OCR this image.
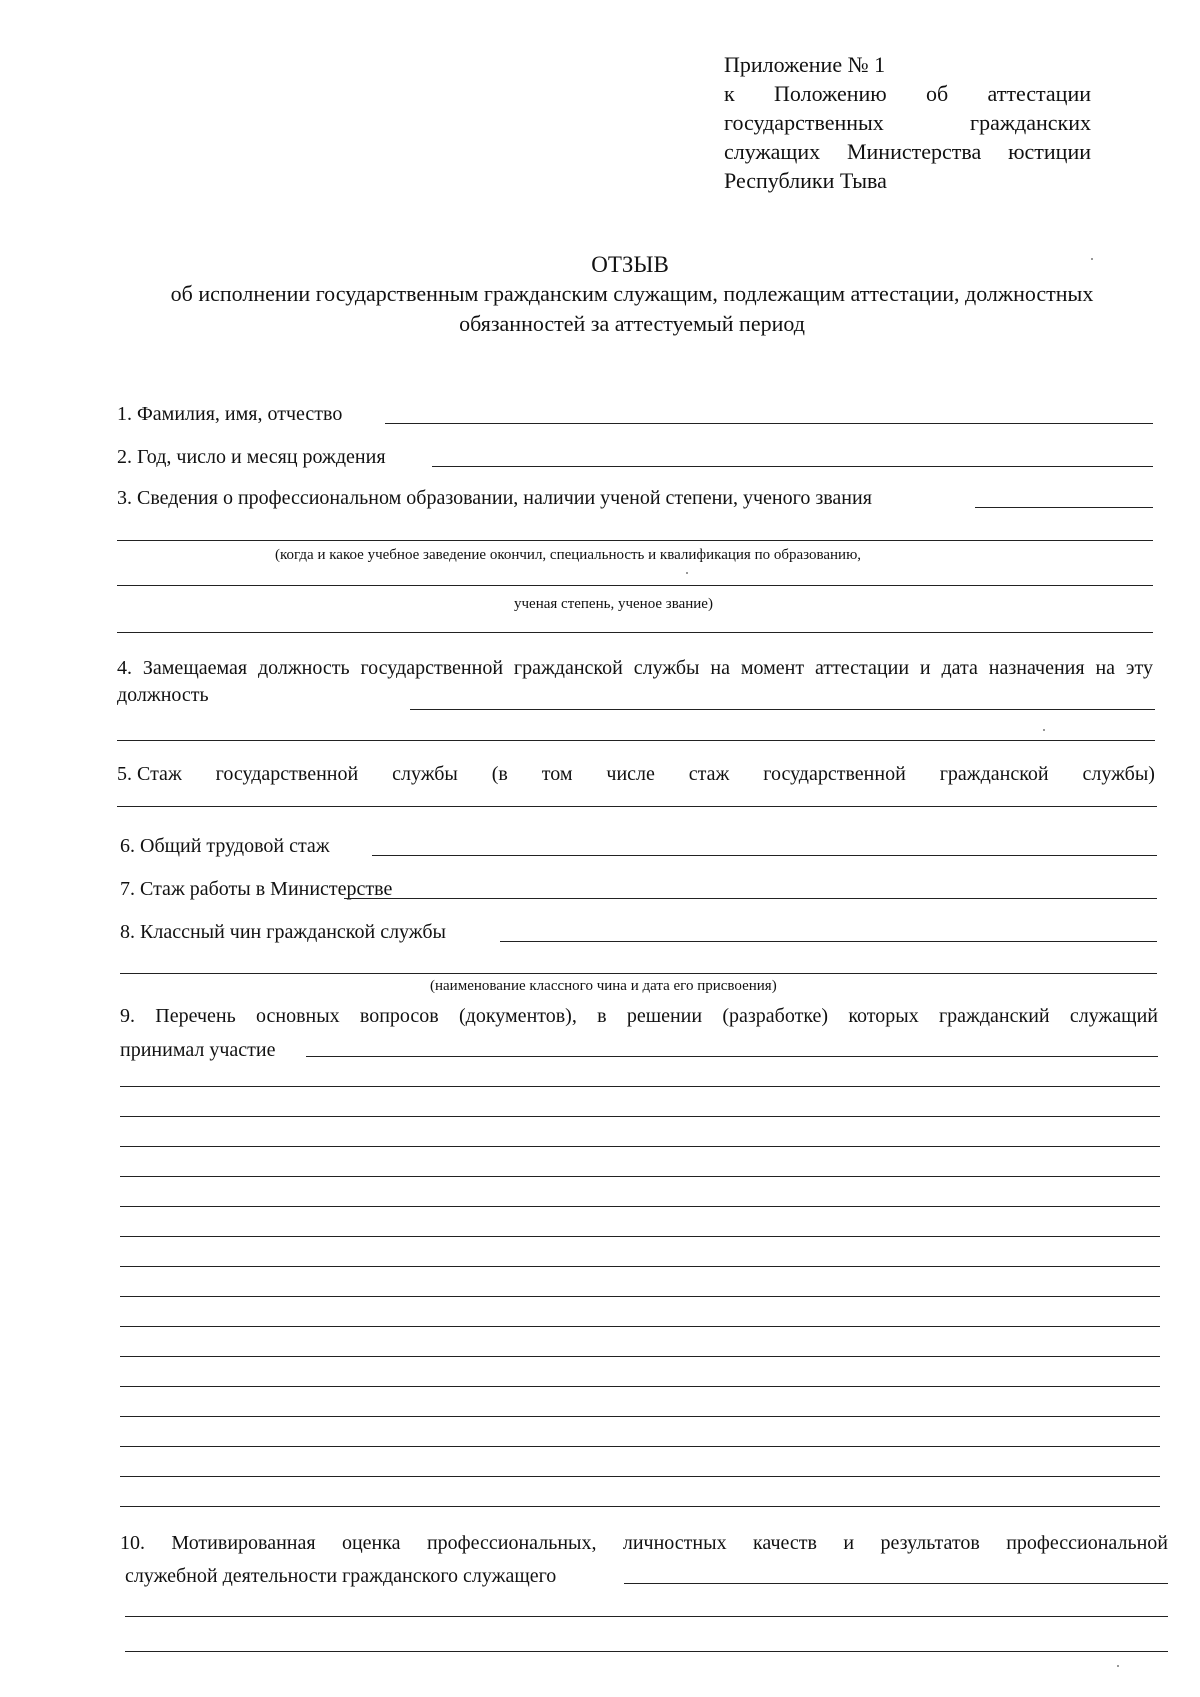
Приложение № 1
к Положению об аттестации
государственных	гражданских
служащих Министерства юстиции
Республики Тыва
ОТЗЫВ
об исполнении государственным гражданским служащим, подлежащим аттестации, должностных обязанностей за аттестуемый период
1. Фамилия, имя, отчество
2. Год, число и месяц рождения
3. Сведения о профессиональном образовании, наличии ученой степени, ученого звания
(когда и какое учебное заведение окончил, специальность и квалификация по образованию,
ученая степень, ученое звание)
4. Замещаемая должность государственной гражданской службы на момент аттестации и дата назначения на эту должность
5. Стаж государственной службы (в том числе стаж государственной гражданской службы)
6. Общий трудовой стаж
7. Стаж работы в Министерстве
8. Классный чин гражданской службы
(наименование классного чина и дата его присвоения)
9. Перечень основных вопросов (документов), в решении (разработке) которых гражданский служащий
принимал участие
10. Мотивированная оценка профессиональных, личностных качеств и результатов профессиональной
служебной деятельности гражданского служащего
